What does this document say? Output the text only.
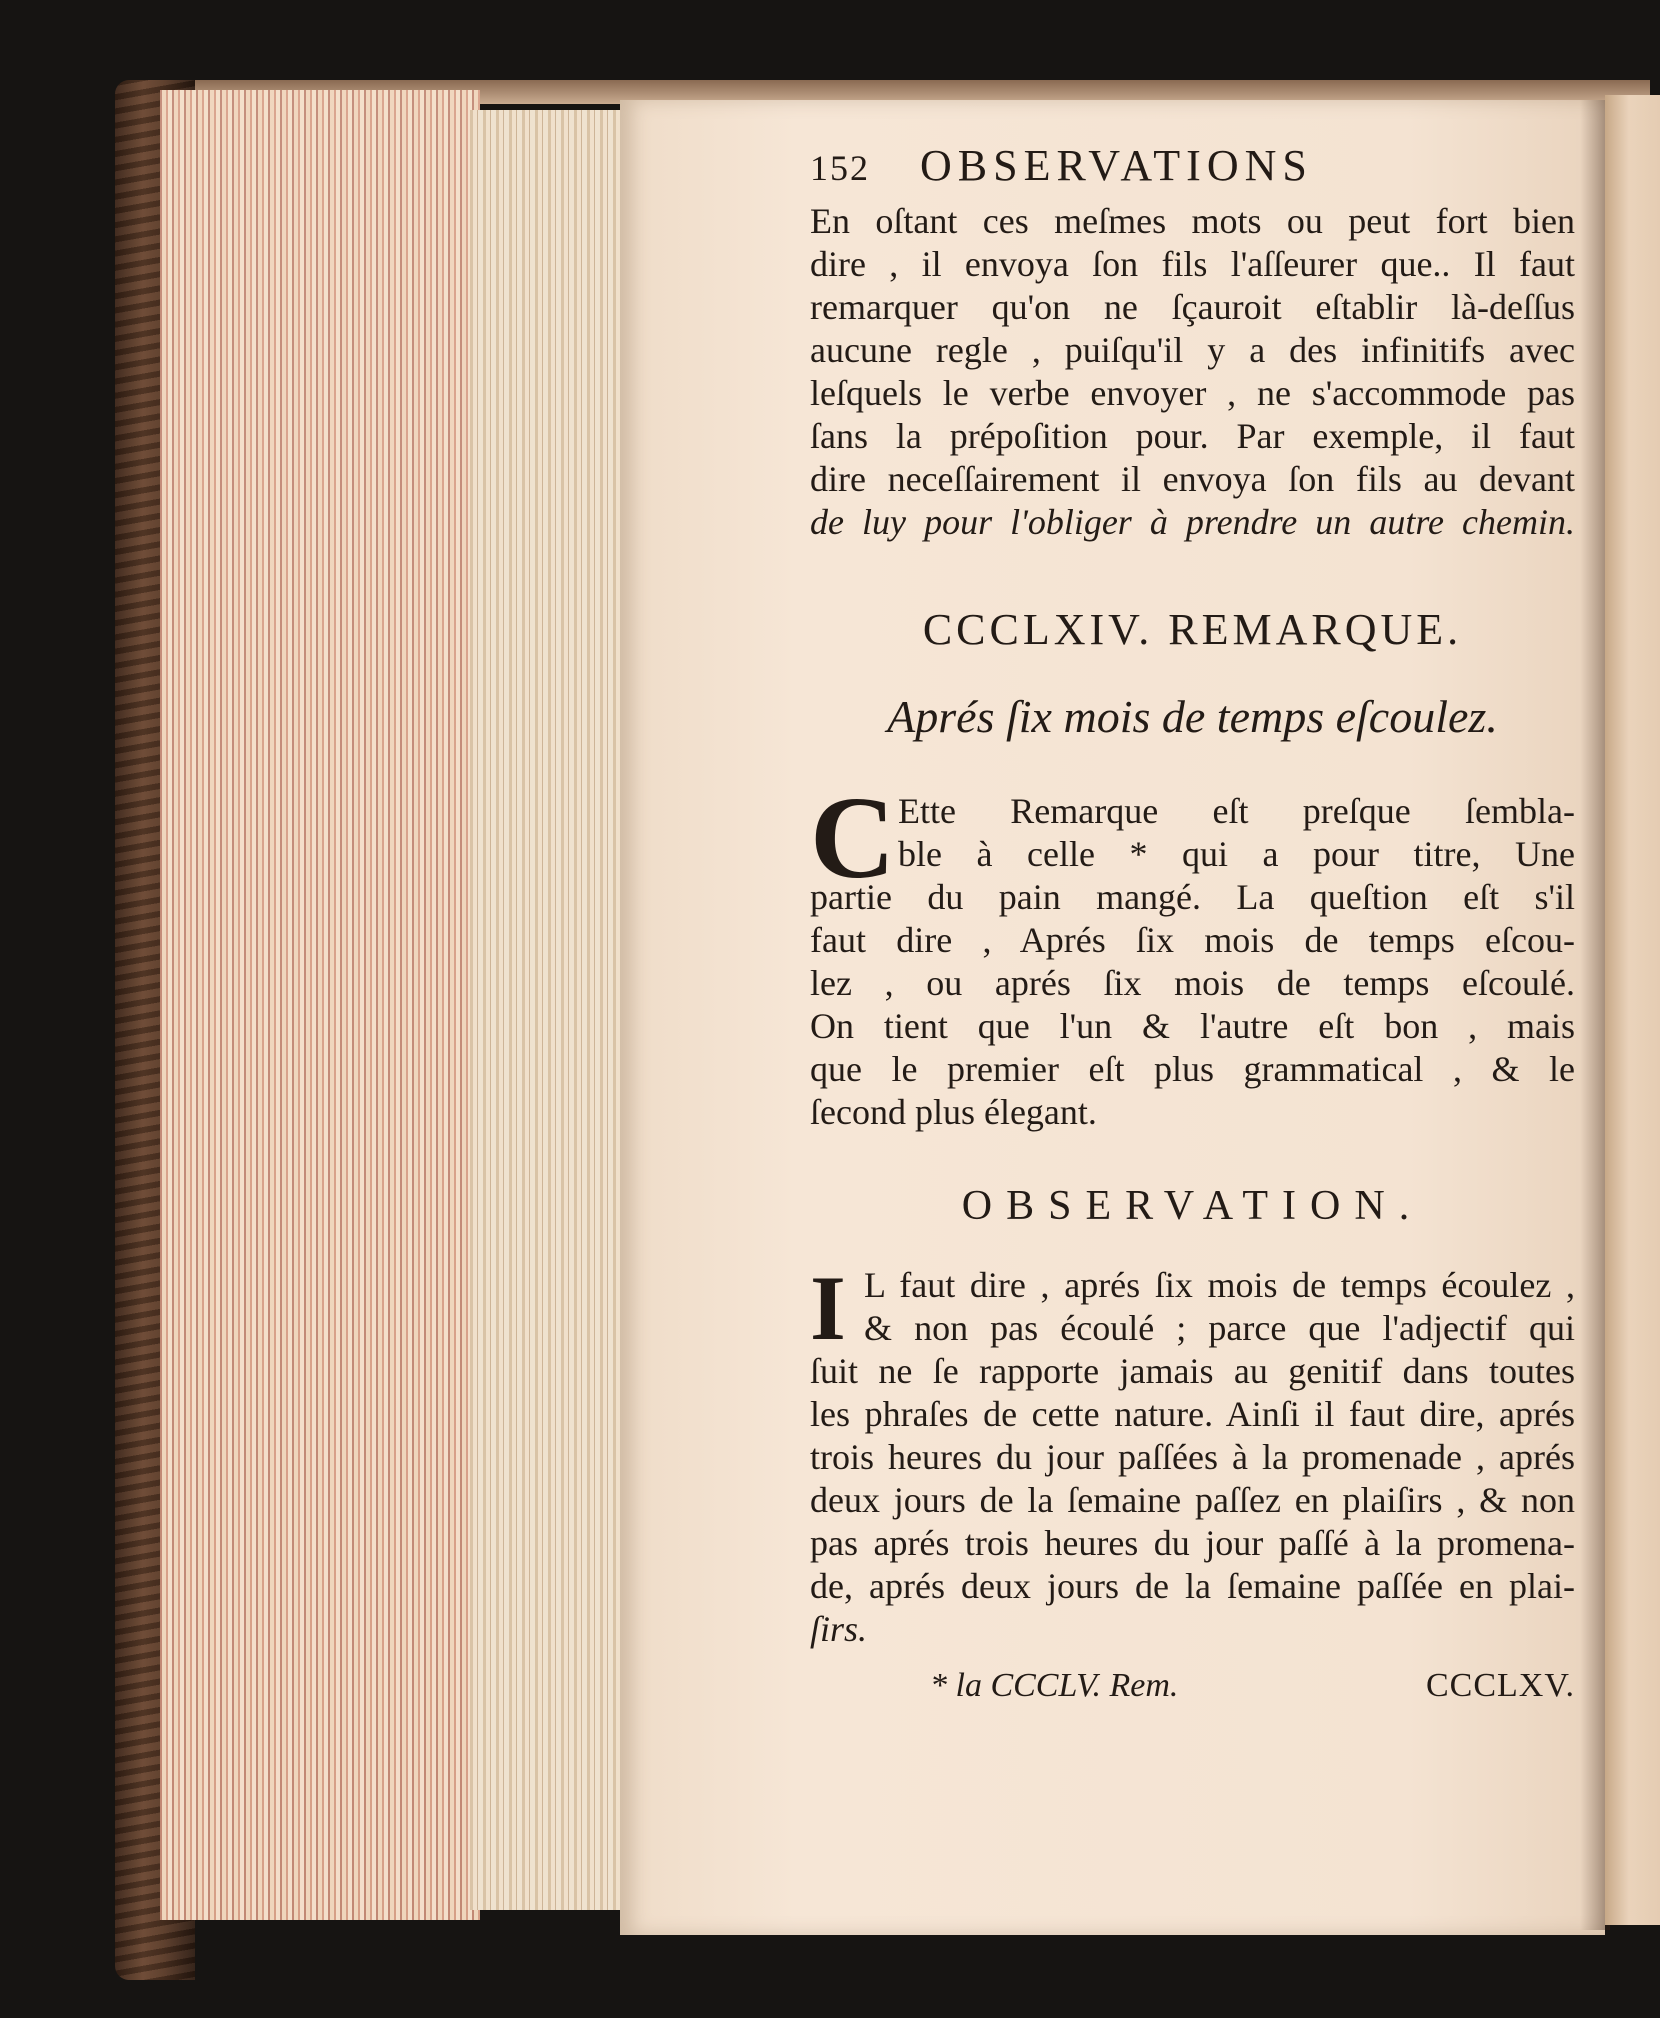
152	OBSERVATIONS
En oſtant ces meſmes mots ou peut fort bien
dire , il envoya ſon fils l'aſſeurer que.. Il faut
remarquer qu'on ne ſçauroit eſtablir là-deſſus
aucune regle , puiſqu'il y a des infinitifs avec
leſquels le verbe envoyer , ne s'accommode pas
ſans la prépoſition pour. Par exemple, il faut
dire neceſſairement il envoya ſon fils au devant
de luy pour l'obliger à prendre un autre chemin.
CCCLXIV. REMARQUE.
Aprés ſix mois de temps eſcoulez.
C Ette Remarque eſt preſque ſembla-
ble à celle * qui a pour titre, Une
partie du pain mangé. La queſtion eſt s'il
faut dire , Aprés ſix mois de temps eſcou-
lez , ou aprés ſix mois de temps eſcoulé.
On tient que l'un & l'autre eſt bon , mais
que le premier eſt plus grammatical , & le
ſecond plus élegant.
OBSERVATION.
I L faut dire , aprés ſix mois de temps écoulez ,
& non pas écoulé ; parce que l'adjectif qui
ſuit ne ſe rapporte jamais au genitif dans toutes
les phraſes de cette nature. Ainſi il faut dire, aprés
trois heures du jour paſſées à la promenade , aprés
deux jours de la ſemaine paſſez en plaiſirs , & non
pas aprés trois heures du jour paſſé à la promena-
de, aprés deux jours de la ſemaine paſſée en plai-
ſirs.
* la CCCLV. Rem.	CCCLXV.
